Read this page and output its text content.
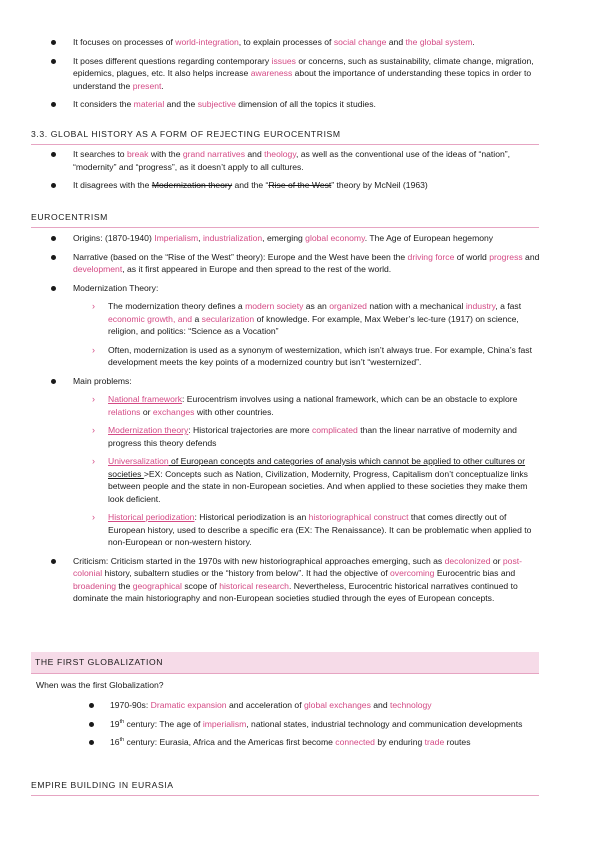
It focuses on processes of world-integration, to explain processes of social change and the global system.
It poses different questions regarding contemporary issues or concerns, such as sustainability, climate change, migration, epidemics, plagues, etc. It also helps increase awareness about the importance of understanding these topics in order to understand the present.
It considers the material and the subjective dimension of all the topics it studies.
3.3. GLOBAL HISTORY AS A FORM OF REJECTING EUROCENTRISM
It searches to break with the grand narratives and theology, as well as the conventional use of the ideas of “nation”, “modernity” and “progress”, as it doesn’t apply to all cultures.
It disagrees with the Modernization theory and the “Rise of the West” theory by McNeil (1963)
EUROCENTRISM
Origins: (1870-1940) Imperialism, industrialization, emerging global economy. The Age of European hegemony
Narrative (based on the “Rise of the West” theory): Europe and the West have been the driving force of world progress and development, as it first appeared in Europe and then spread to the rest of the world.
Modernization Theory:
› The modernization theory defines a modern society as an organized nation with a mechanical industry, a fast economic growth, and a secularization of knowledge. For example, Max Weber’s lec-ture (1917) on science, religion, and politics: “Science as a Vocation”
› Often, modernization is used as a synonym of westernization, which isn’t always true. For example, China’s fast development meets the key points of a modernized country but isn’t “westernized”.
Main problems:
› National framework: Eurocentrism involves using a national framework, which can be an obstacle to explore relations or exchanges with other countries.
› Modernization theory: Historical trajectories are more complicated than the linear narrative of modernity and progress this theory defends
› Universalization of European concepts and categories of analysis which cannot be applied to other cultures or societies >EX: Concepts such as Nation, Civilization, Modernity, Progress, Capitalism don’t conceptualize links between people and the state in non-European societies. And when applied to these societies they make them look deficient.
› Historical periodization: Historical periodization is an historiographical construct that comes directly out of European history, used to describe a specific era (EX: The Renaissance). It can be problematic when applied to non-European or non-western history.
Criticism: Criticism started in the 1970s with new historiographical approaches emerging, such as decolonized or post-colonial history, subaltern studies or the “history from below”. It had the objective of overcoming Eurocentric bias and broadening the geographical scope of historical research. Nevertheless, Eurocentric historical narratives continued to dominate the main historiography and non-European societies studied through the eyes of European concepts.
THE FIRST GLOBALIZATION
When was the first Globalization?
1970-90s: Dramatic expansion and acceleration of global exchanges and technology
19th century: The age of imperialism, national states, industrial technology and communication developments
16th century: Eurasia, Africa and the Americas first become connected by enduring trade routes
EMPIRE BUILDING IN EURASIA
